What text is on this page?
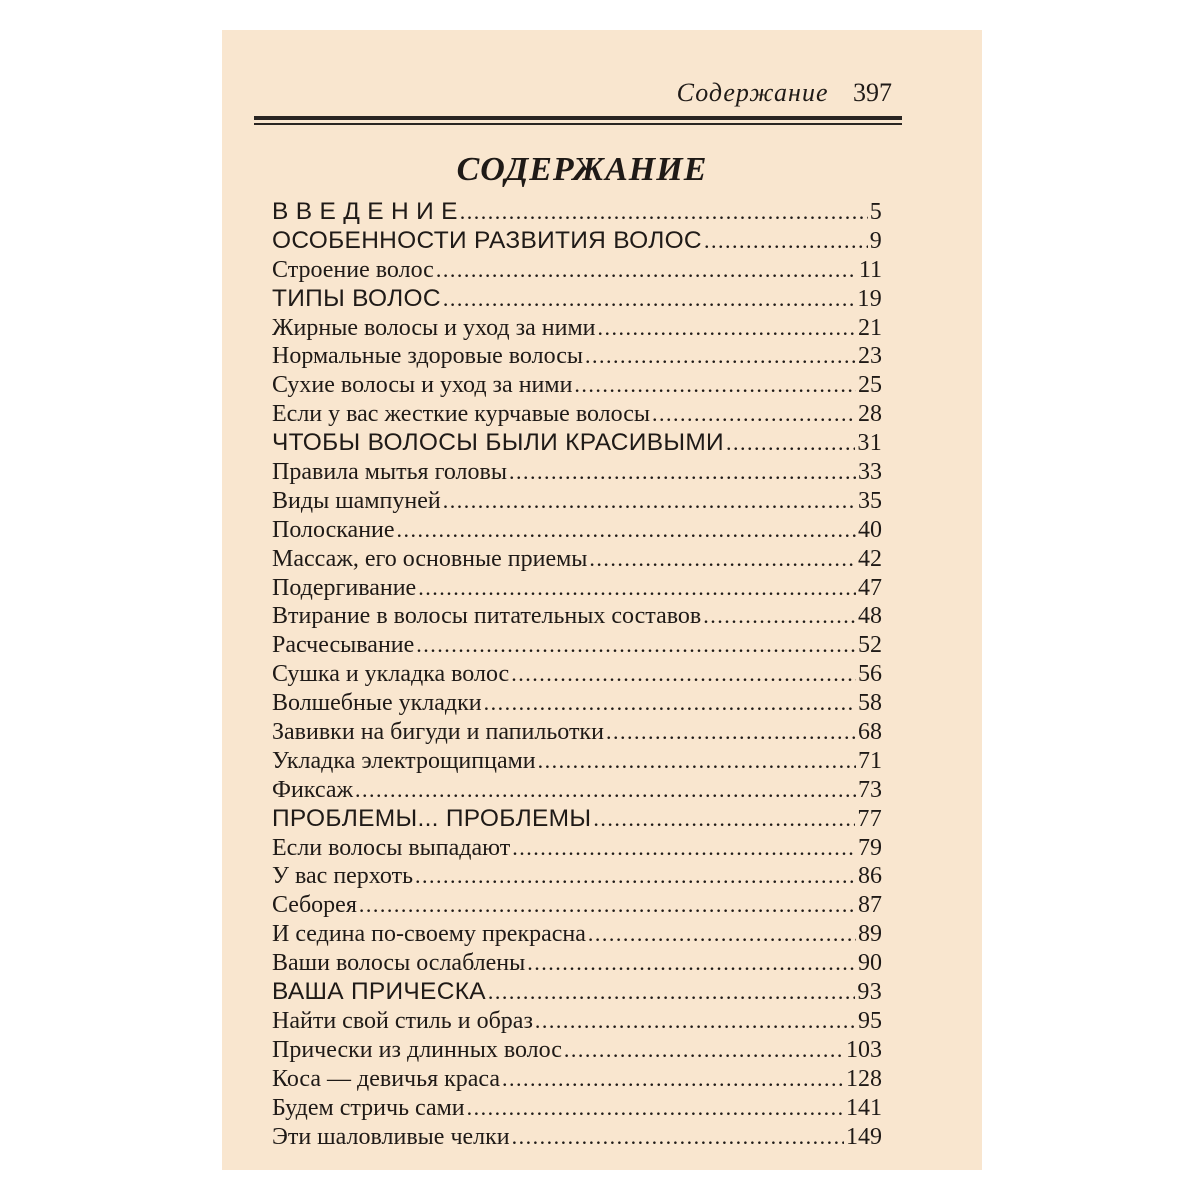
Содержание 397
СОДЕРЖАНИЕ
В В Е Д Е Н И Е .....	5
ОСОБЕННОСТИ РАЗВИТИЯ ВОЛОС .....	9
Строение волос .....	11
ТИПЫ ВОЛОС .....	19
Жирные волосы и уход за ними .....	21
Нормальные здоровые волосы .....	23
Сухие волосы и уход за ними .....	25
Если у вас жесткие курчавые волосы .....	28
ЧТОБЫ ВОЛОСЫ БЫЛИ КРАСИВЫМИ .....	31
Правила мытья головы .....	33
Виды шампуней .....	35
Полоскание .....	40
Массаж, его основные приемы .....	42
Подергивание .....	47
Втирание в волосы питательных составов .....	48
Расчесывание .....	52
Сушка и укладка волос .....	56
Волшебные укладки .....	58
Завивки на бигуди и папильотки .....	68
Укладка электрощипцами .....	71
Фиксаж .....	73
ПРОБЛЕМЫ... ПРОБЛЕМЫ .....	77
Если волосы выпадают .....	79
У вас перхоть .....	86
Себорея .....	87
И седина по-своему прекрасна .....	89
Ваши волосы ослаблены .....	90
ВАША ПРИЧЕСКА .....	93
Найти свой стиль и образ .....	95
Прически из длинных волос .....	103
Коса — девичья краса .....	128
Будем стричь сами .....	141
Эти шаловливые челки .....	149
